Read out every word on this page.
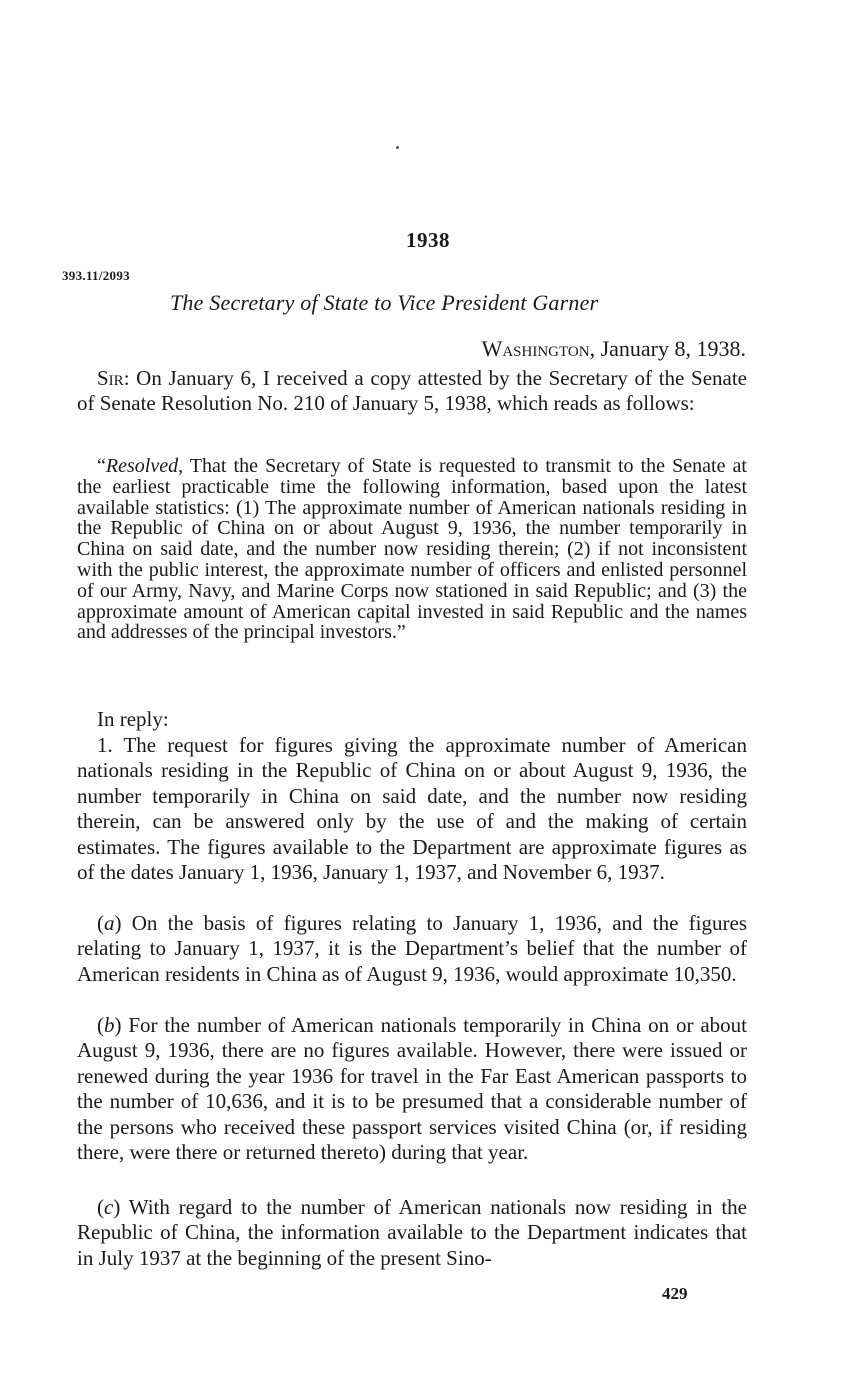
1938
393.11/2093
The Secretary of State to Vice President Garner
Washington, January 8, 1938.

Sir: On January 6, I received a copy attested by the Secretary of the Senate of Senate Resolution No. 210 of January 5, 1938, which reads as follows:

“Resolved, That the Secretary of State is requested to transmit to the Senate at the earliest practicable time the following information, based upon the latest available statistics: (1) The approximate number of American nationals residing in the Republic of China on or about August 9, 1936, the number temporarily in China on said date, and the number now residing therein; (2) if not inconsistent with the public interest, the approximate number of officers and enlisted personnel of our Army, Navy, and Marine Corps now stationed in said Republic; and (3) the approximate amount of American capital invested in said Republic and the names and addresses of the principal investors.”

In reply:

1. The request for figures giving the approximate number of American nationals residing in the Republic of China on or about August 9, 1936, the number temporarily in China on said date, and the number now residing therein, can be answered only by the use of and the making of certain estimates. The figures available to the Department are approximate figures as of the dates January 1, 1936, January 1, 1937, and November 6, 1937.

(a) On the basis of figures relating to January 1, 1936, and the figures relating to January 1, 1937, it is the Department’s belief that the number of American residents in China as of August 9, 1936, would approximate 10,350.

(b) For the number of American nationals temporarily in China on or about August 9, 1936, there are no figures available. However, there were issued or renewed during the year 1936 for travel in the Far East American passports to the number of 10,636, and it is to be presumed that a considerable number of the persons who received these passport services visited China (or, if residing there, were there or returned thereto) during that year.

(c) With regard to the number of American nationals now residing in the Republic of China, the information available to the Department indicates that in July 1937 at the beginning of the present Sino-

429
